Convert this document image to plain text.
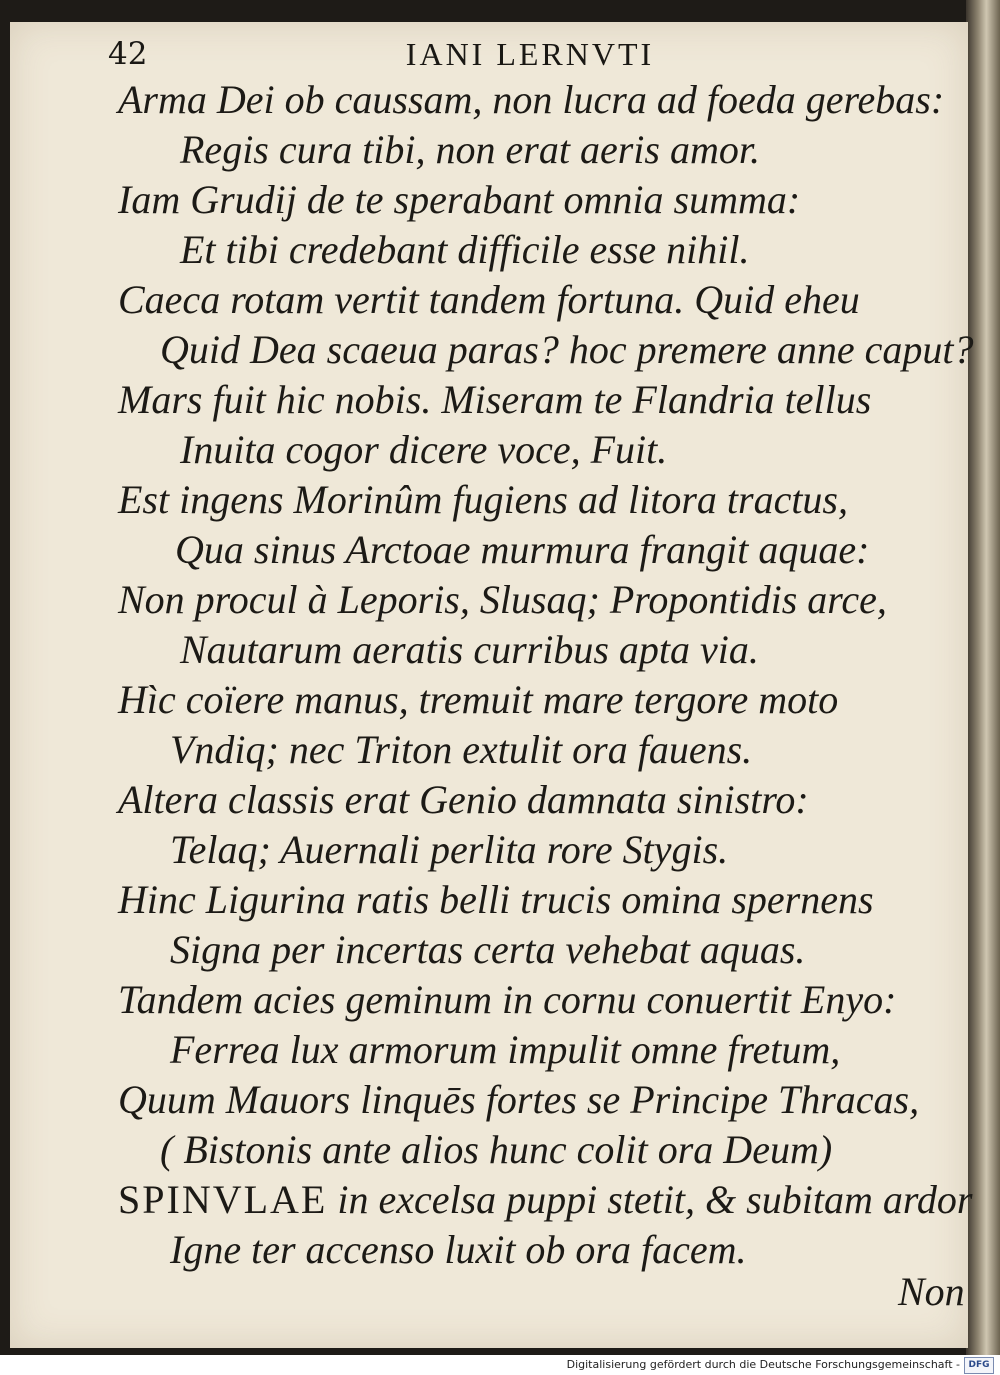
42	IANI LERNVTI
Arma Dei ob caussam, non lucra ad foeda gerebas:
Regis cura tibi, non erat aeris amor.
Iam Grudij de te sperabant omnia summa:
Et tibi credebant difficile esse nihil.
Caeca rotam vertit tandem fortuna. Quid eheu
Quid Dea scaeua paras? hoc premere anne caput?
Mars fuit hic nobis. Miseram te Flandria tellus
Inuita cogor dicere voce, Fuit.
Est ingens Morinûm fugiens ad litora tractus,
Qua sinus Arctoae murmura frangit aquae:
Non procul à Leporis, Slusaq; Propontidis arce,
Nautarum aeratis curribus apta via.
Hìc coïere manus, tremuit mare tergore moto
Vndiq; nec Triton extulit ora fauens.
Altera classis erat Genio damnata sinistro:
Telaq; Auernali perlita rore Stygis.
Hinc Ligurina ratis belli trucis omina spernens
Signa per incertas certa vehebat aquas.
Tandem acies geminum in cornu conuertit Enyo:
Ferrea lux armorum impulit omne fretum,
Quum Mauors linquēs fortes se Principe Thracas,
( Bistonis ante alios hunc colit ora Deum)
SPINVLAE in excelsa puppi stetit, & subitam ardor
Igne ter accenso luxit ob ora facem.
Non
Digitalisierung gefördert durch die Deutsche Forschungsgemeinschaft - DFG
